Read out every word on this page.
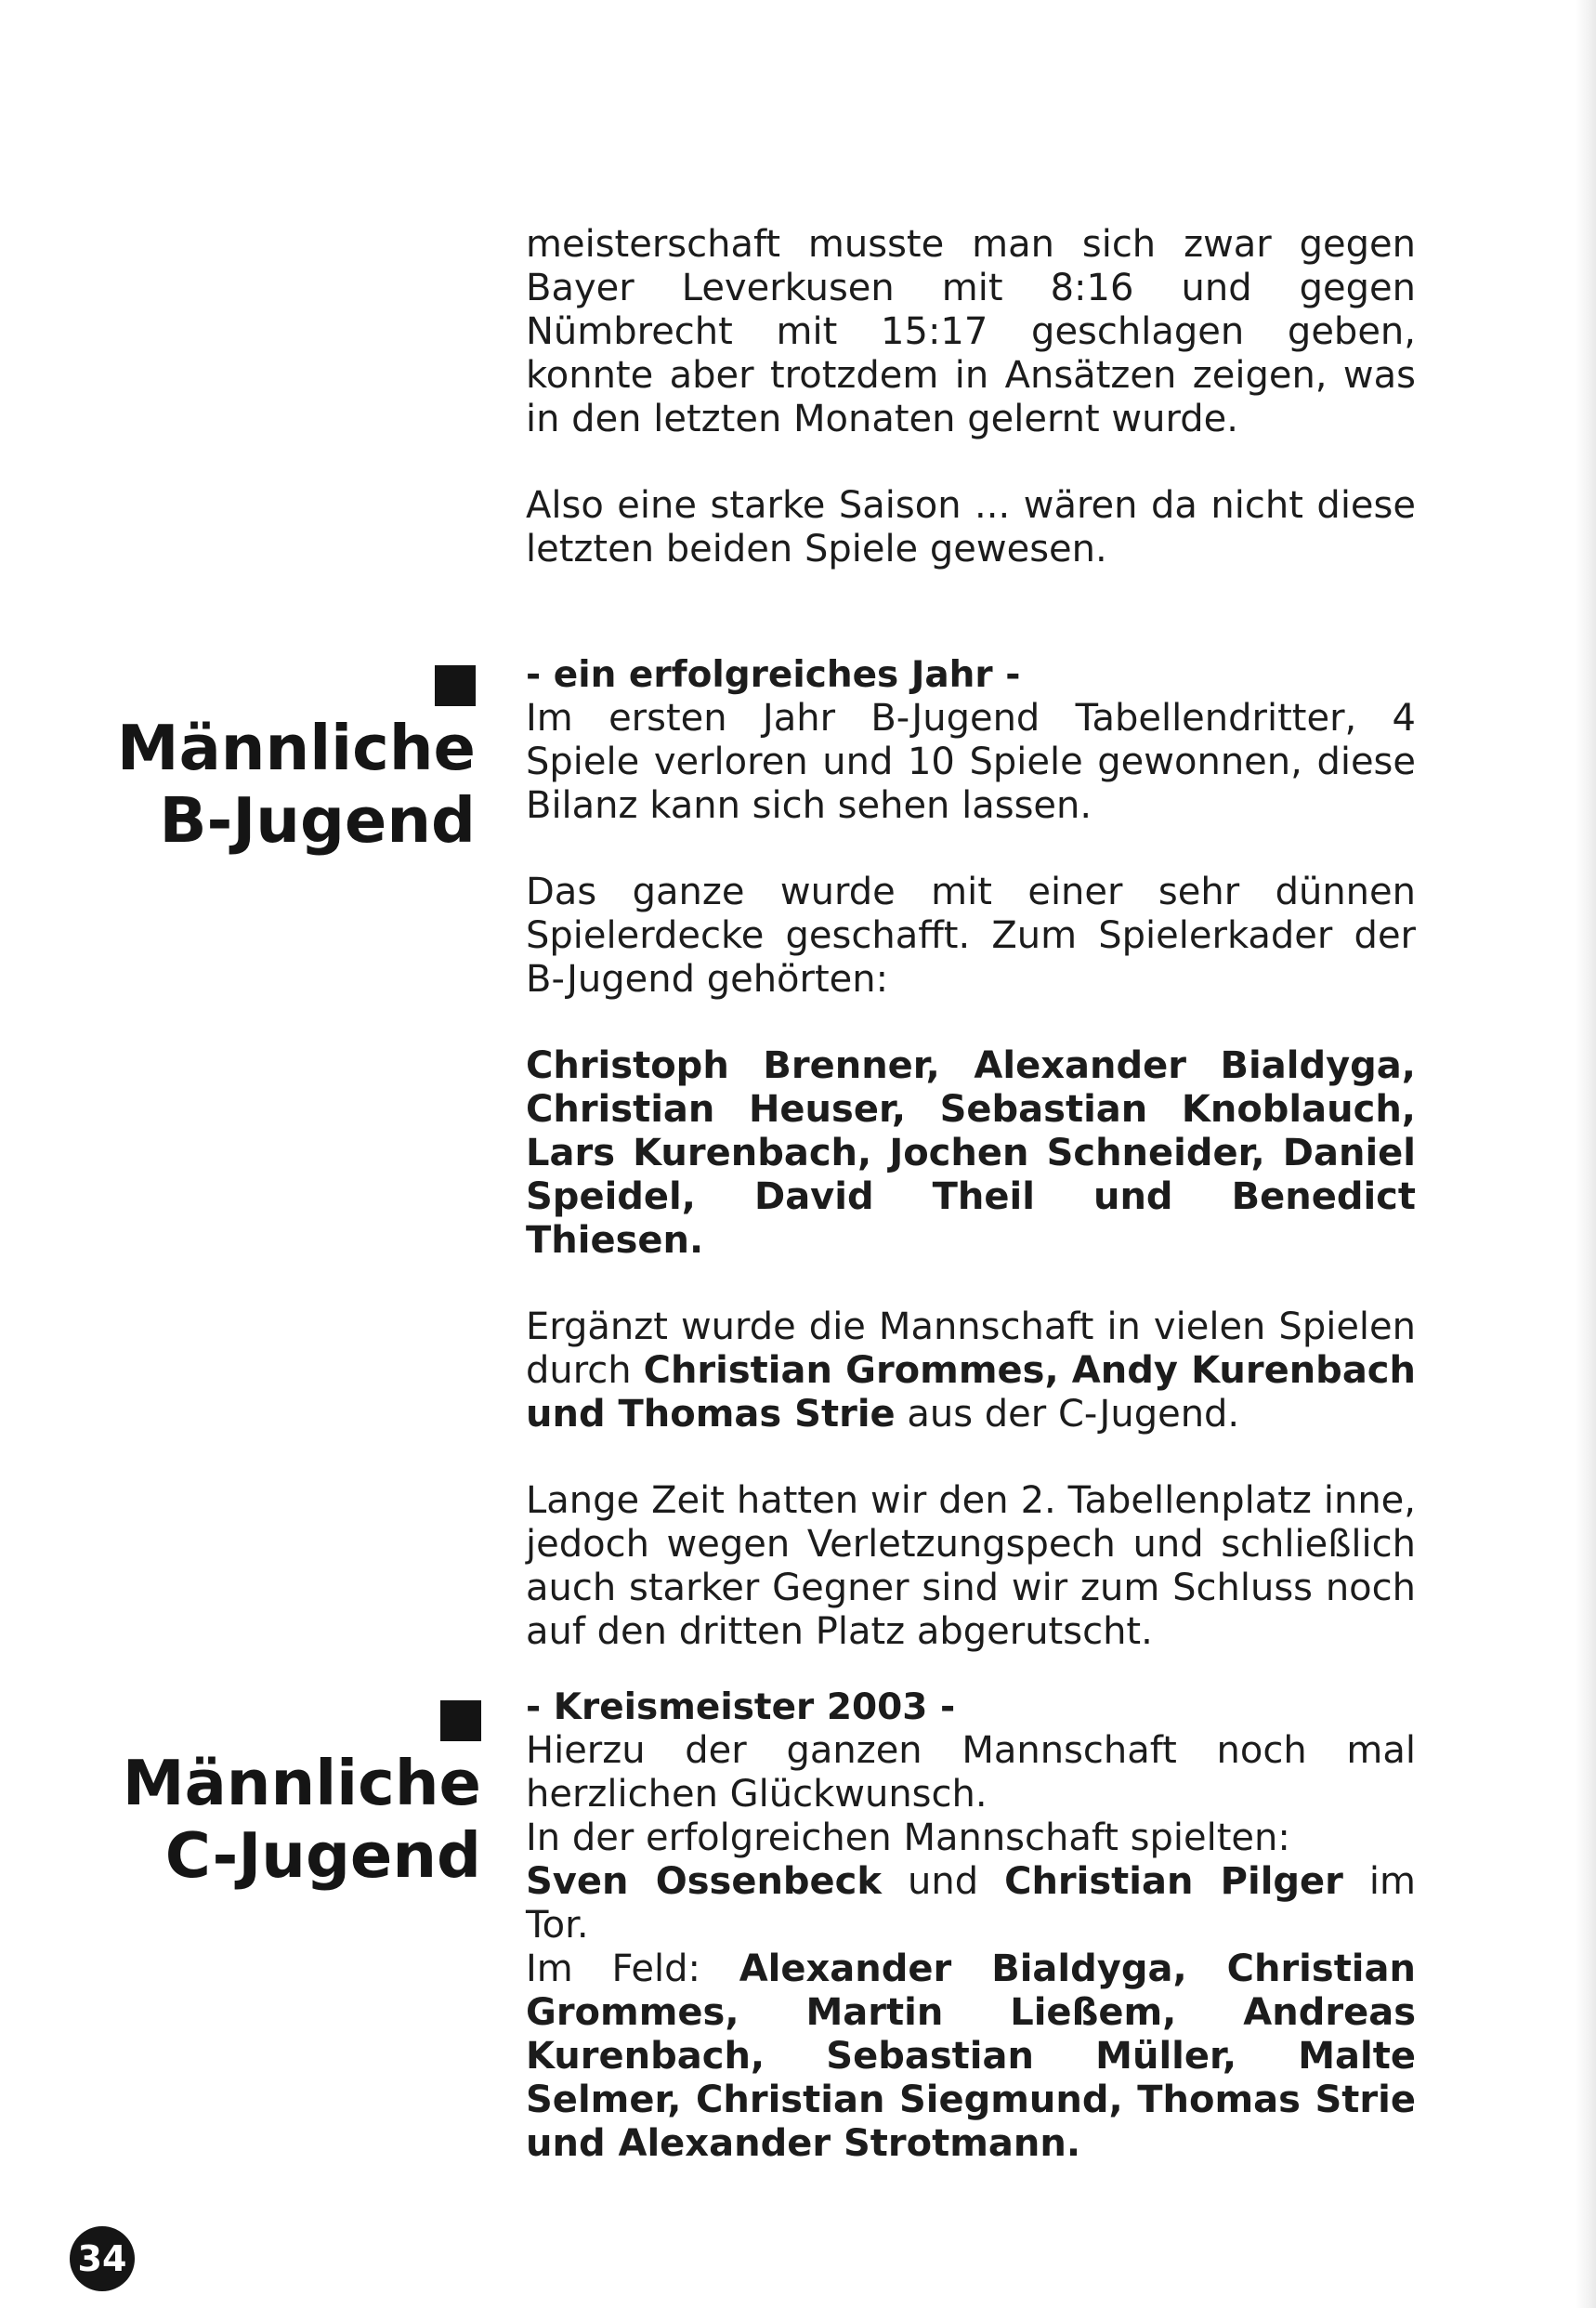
meisterschaft musste man sich zwar gegen Bayer Leverkusen mit 8:16 und gegen Nümbrecht mit 15:17 geschlagen geben, konnte aber trotzdem in Ansätzen zeigen, was in den letzten Monaten gelernt wurde.

Also eine starke Saison ... wären da nicht diese letzten beiden Spiele gewesen.

Männliche
B-Jugend

- ein erfolgreiches Jahr -

Im ersten Jahr B-Jugend Tabellendritter, 4 Spiele verloren und 10 Spiele gewonnen, diese Bilanz kann sich sehen lassen.

Das ganze wurde mit einer sehr dünnen Spielerdecke geschafft. Zum Spielerkader der B-Jugend gehörten:

Christoph Brenner, Alexander Bialdyga, Christian Heuser, Sebastian Knoblauch, Lars Kurenbach, Jochen Schneider, Daniel Speidel, David Theil und Benedict Thiesen.

Ergänzt wurde die Mannschaft in vielen Spielen durch Christian Grommes, Andy Kurenbach und Thomas Strie aus der C-Jugend.

Lange Zeit hatten wir den 2. Tabellenplatz inne, jedoch wegen Verletzungspech und schließlich auch starker Gegner sind wir zum Schluss noch auf den dritten Platz abgerutscht.

Männliche
C-Jugend

- Kreismeister 2003 -

Hierzu der ganzen Mannschaft noch mal herzlichen Glückwunsch.

In der erfolgreichen Mannschaft spielten:

Sven Ossenbeck und Christian Pilger im Tor.

Im Feld: Alexander Bialdyga, Christian Grommes, Martin Ließem, Andreas Kurenbach, Sebastian Müller, Malte Selmer, Christian Siegmund, Thomas Strie und Alexander Strotmann.

34
